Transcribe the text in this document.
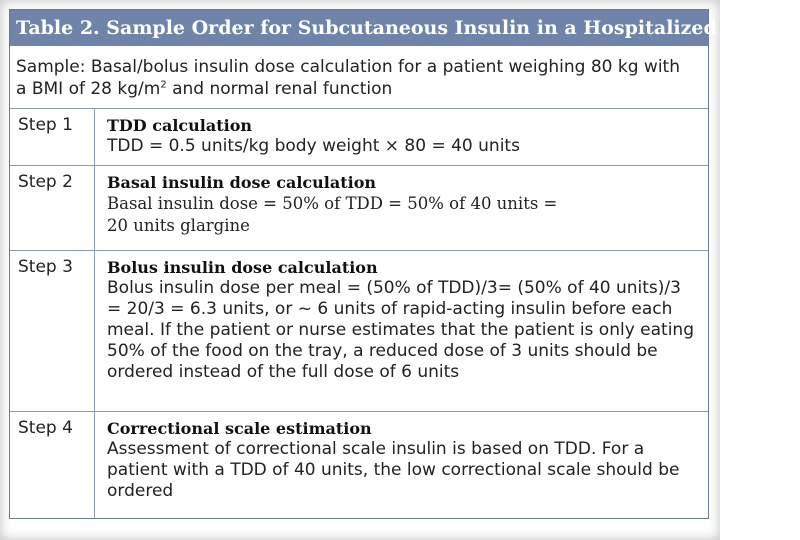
Table 2. Sample Order for Subcutaneous Insulin in a Hospitalized Patient
Sample: Basal/bolus insulin dose calculation for a patient weighing 80 kg with
a BMI of 28 $kg/m^2$ and normal renal function
Step 1	TDD calculation
TDD = 0.5 units/kg body weight × 80 = 40 units
Step 2	Basal insulin dose calculation
Basal insulin dose = 50% of TDD = 50% of 40 units =
20 units glargine
Step 3	Bolus insulin dose calculation
Bolus insulin dose per meal = (50% of TDD)/3= (50% of 40 units)/3
= 20/3 = 6.3 units, or ~ 6 units of rapid-acting insulin before each
meal. If the patient or nurse estimates that the patient is only eating
50% of the food on the tray, a reduced dose of 3 units should be
ordered instead of the full dose of 6 units
Step 4	Correctional scale estimation
Assessment of correctional scale insulin is based on TDD. For a
patient with a TDD of 40 units, the low correctional scale should be
ordered
